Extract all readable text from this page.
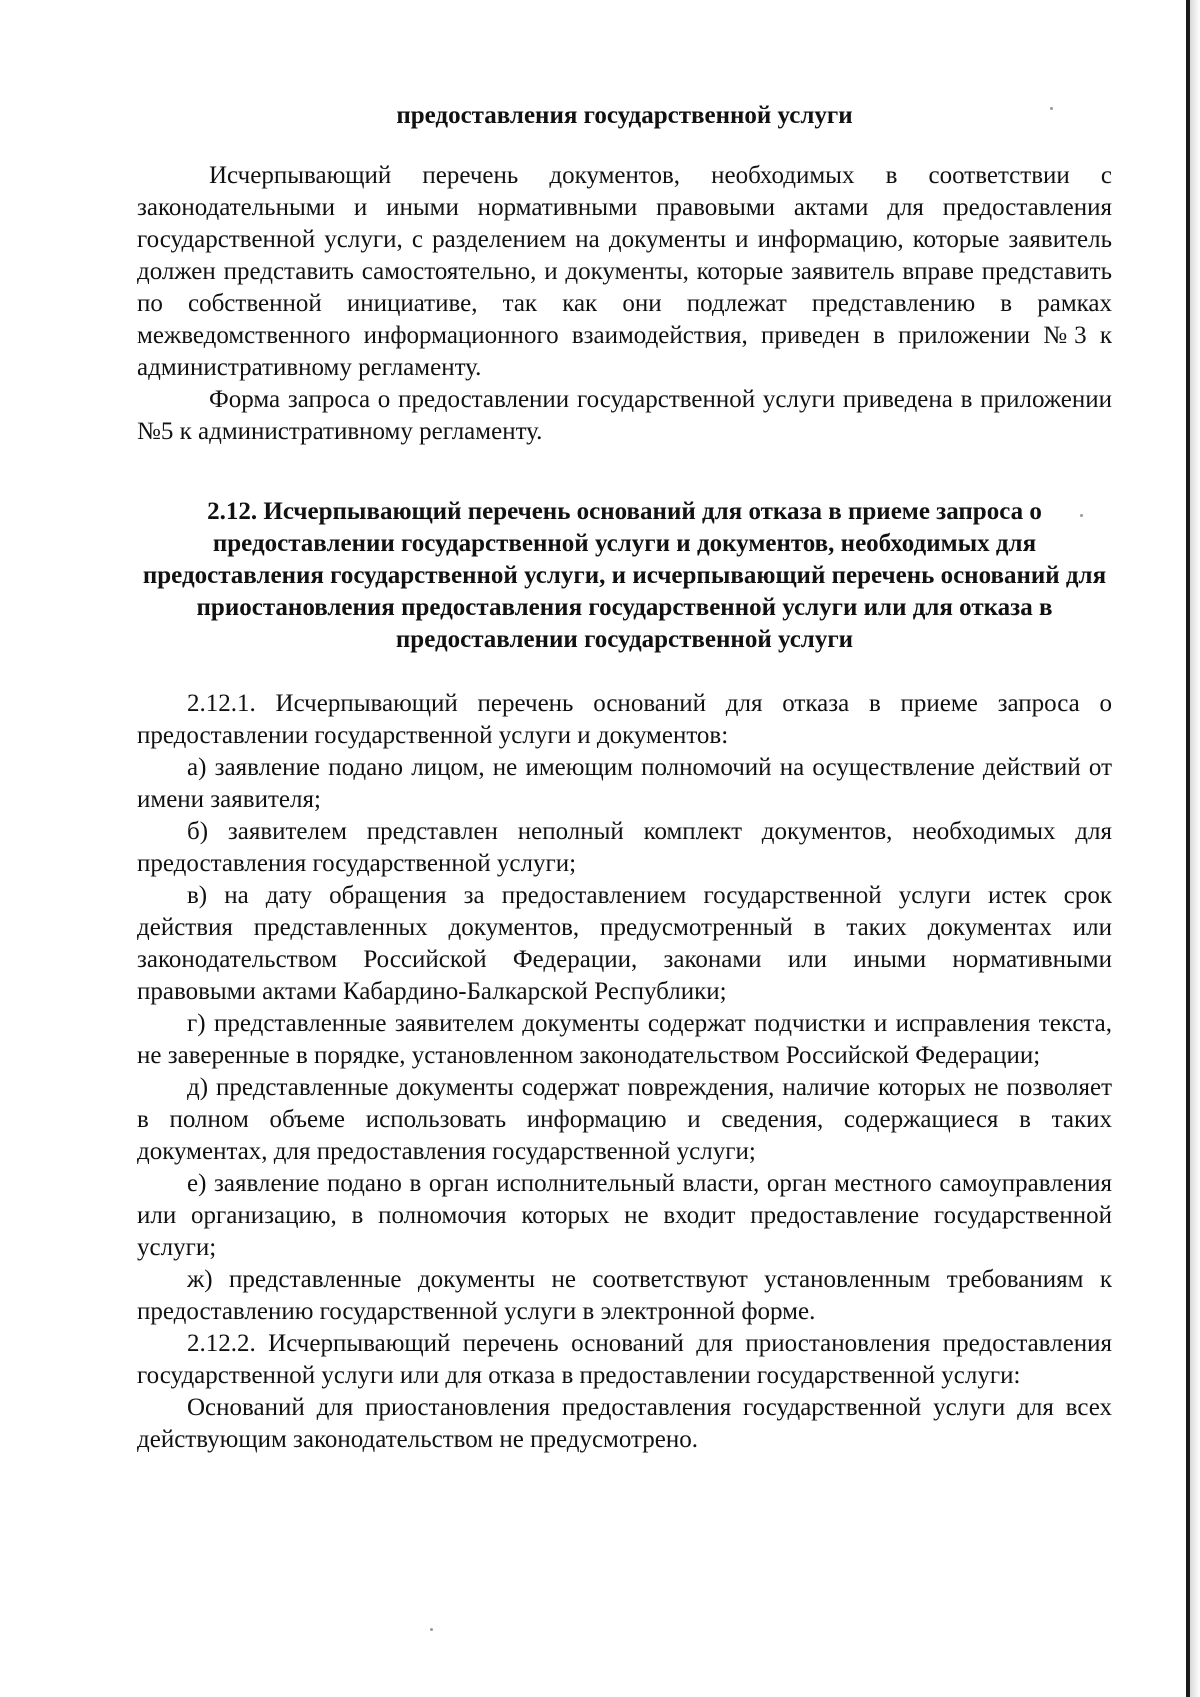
предоставления государственной услуги

Исчерпывающий перечень документов, необходимых в соответствии с законодательными и иными нормативными правовыми актами для предоставления государственной услуги, с разделением на документы и информацию, которые заявитель должен представить самостоятельно, и документы, которые заявитель вправе представить по собственной инициативе, так как они подлежат представлению в рамках межведомственного информационного взаимодействия, приведен в приложении №3 к административному регламенту.

Форма запроса о предоставлении государственной услуги приведена в приложении №5 к административному регламенту.

2.12. Исчерпывающий перечень оснований для отказа в приеме запроса о предоставлении государственной услуги и документов, необходимых для предоставления государственной услуги, и исчерпывающий перечень оснований для приостановления предоставления государственной услуги или для отказа в предоставлении государственной услуги

2.12.1. Исчерпывающий перечень оснований для отказа в приеме запроса о предоставлении государственной услуги и документов:

а) заявление подано лицом, не имеющим полномочий на осуществление действий от имени заявителя;

б) заявителем представлен неполный комплект документов, необходимых для предоставления государственной услуги;

в) на дату обращения за предоставлением государственной услуги истек срок действия представленных документов, предусмотренный в таких документах или законодательством Российской Федерации, законами или иными нормативными правовыми актами Кабардино-Балкарской Республики;

г) представленные заявителем документы содержат подчистки и исправления текста, не заверенные в порядке, установленном законодательством Российской Федерации;

д) представленные документы содержат повреждения, наличие которых не позволяет в полном объеме использовать информацию и сведения, содержащиеся в таких документах, для предоставления государственной услуги;

е) заявление подано в орган исполнительный власти, орган местного самоуправления или организацию, в полномочия которых не входит предоставление государственной услуги;

ж) представленные документы не соответствуют установленным требованиям к предоставлению государственной услуги в электронной форме.

2.12.2. Исчерпывающий перечень оснований для приостановления предоставления государственной услуги или для отказа в предоставлении государственной услуги:

Оснований для приостановления предоставления государственной услуги для всех действующим законодательством не предусмотрено.
